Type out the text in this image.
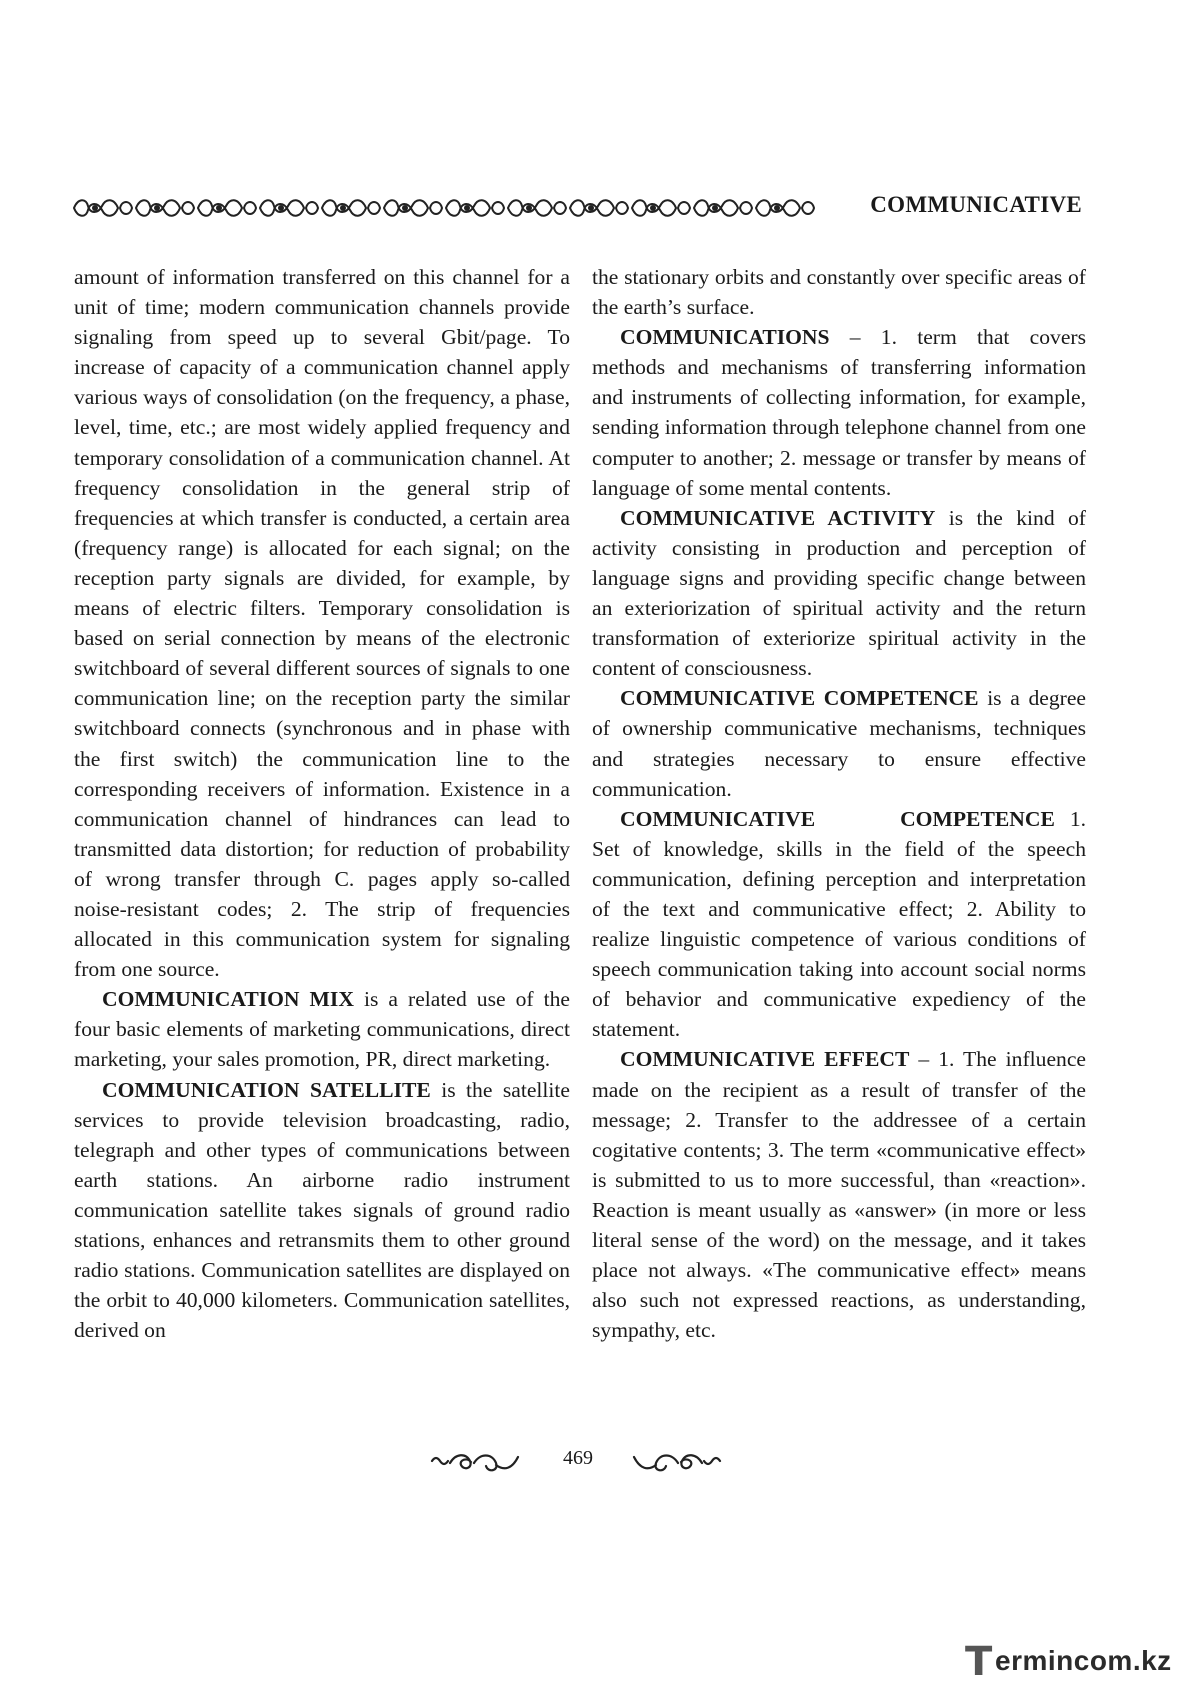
COMMUNICATIVE

amount of information transferred on this channel for a unit of time; modern communication channels provide signaling from speed up to several Gbit/page. To increase of capacity of a communication channel apply various ways of consolidation (on the frequency, a phase, level, time, etc.; are most widely applied frequency and temporary consolidation of a communication channel. At frequency consolidation in the general strip of frequencies at which transfer is conducted, a certain area (frequency range) is allocated for each signal; on the reception party signals are divided, for example, by means of electric filters. Temporary consolidation is based on serial connection by means of the electronic switchboard of several different sources of signals to one communication line; on the reception party the similar switchboard connects (synchronous and in phase with the first switch) the communication line to the corresponding receivers of information. Existence in a communication channel of hindrances can lead to transmitted data distortion; for reduction of probability of wrong transfer through C. pages apply so-called noise-resistant codes; 2. The strip of frequencies allocated in this communication system for signaling from one source.

COMMUNICATION MIX is a related use of the four basic elements of marketing communications, direct marketing, your sales promotion, PR, direct marketing.

COMMUNICATION SATELLITE is the satellite services to provide television broadcasting, radio, telegraph and other types of communications between earth stations. An airborne radio instrument communication satellite takes signals of ground radio stations, enhances and retransmits them to other ground radio stations. Communication satellites are displayed on the orbit to 40,000 kilometers. Communication satellites, derived on

the stationary orbits and constantly over specific areas of the earth’s surface.

COMMUNICATIONS – 1. term that covers methods and mechanisms of transferring information and instruments of collecting information, for example, sending information through telephone channel from one computer to another; 2. message or transfer by means of language of some mental contents.

COMMUNICATIVE ACTIVITY is the kind of activity consisting in production and perception of language signs and providing specific change between an exteriorization of spiritual activity and the return transformation of exteriorize spiritual activity in the content of consciousness.

COMMUNICATIVE COMPETENCE is a degree of ownership communicative mechanisms, techniques and strategies necessary to ensure effective communication.

COMMUNICATIVE COMPETENCE 1. Set of knowledge, skills in the field of the speech communication, defining perception and interpretation of the text and communicative effect; 2. Ability to realize linguistic competence of various conditions of speech communication taking into account social norms of behavior and communicative expediency of the statement.

COMMUNICATIVE EFFECT – 1. The influence made on the recipient as a result of transfer of the message; 2. Transfer to the addressee of a certain cogitative contents; 3. The term «communicative effect» is submitted to us to more successful, than «reaction». Reaction is meant usually as «answer» (in more or less literal sense of the word) on the message, and it takes place not always. «The communicative effect» means also such not expressed reactions, as understanding, sympathy, etc.

469
T ermincom.kz
